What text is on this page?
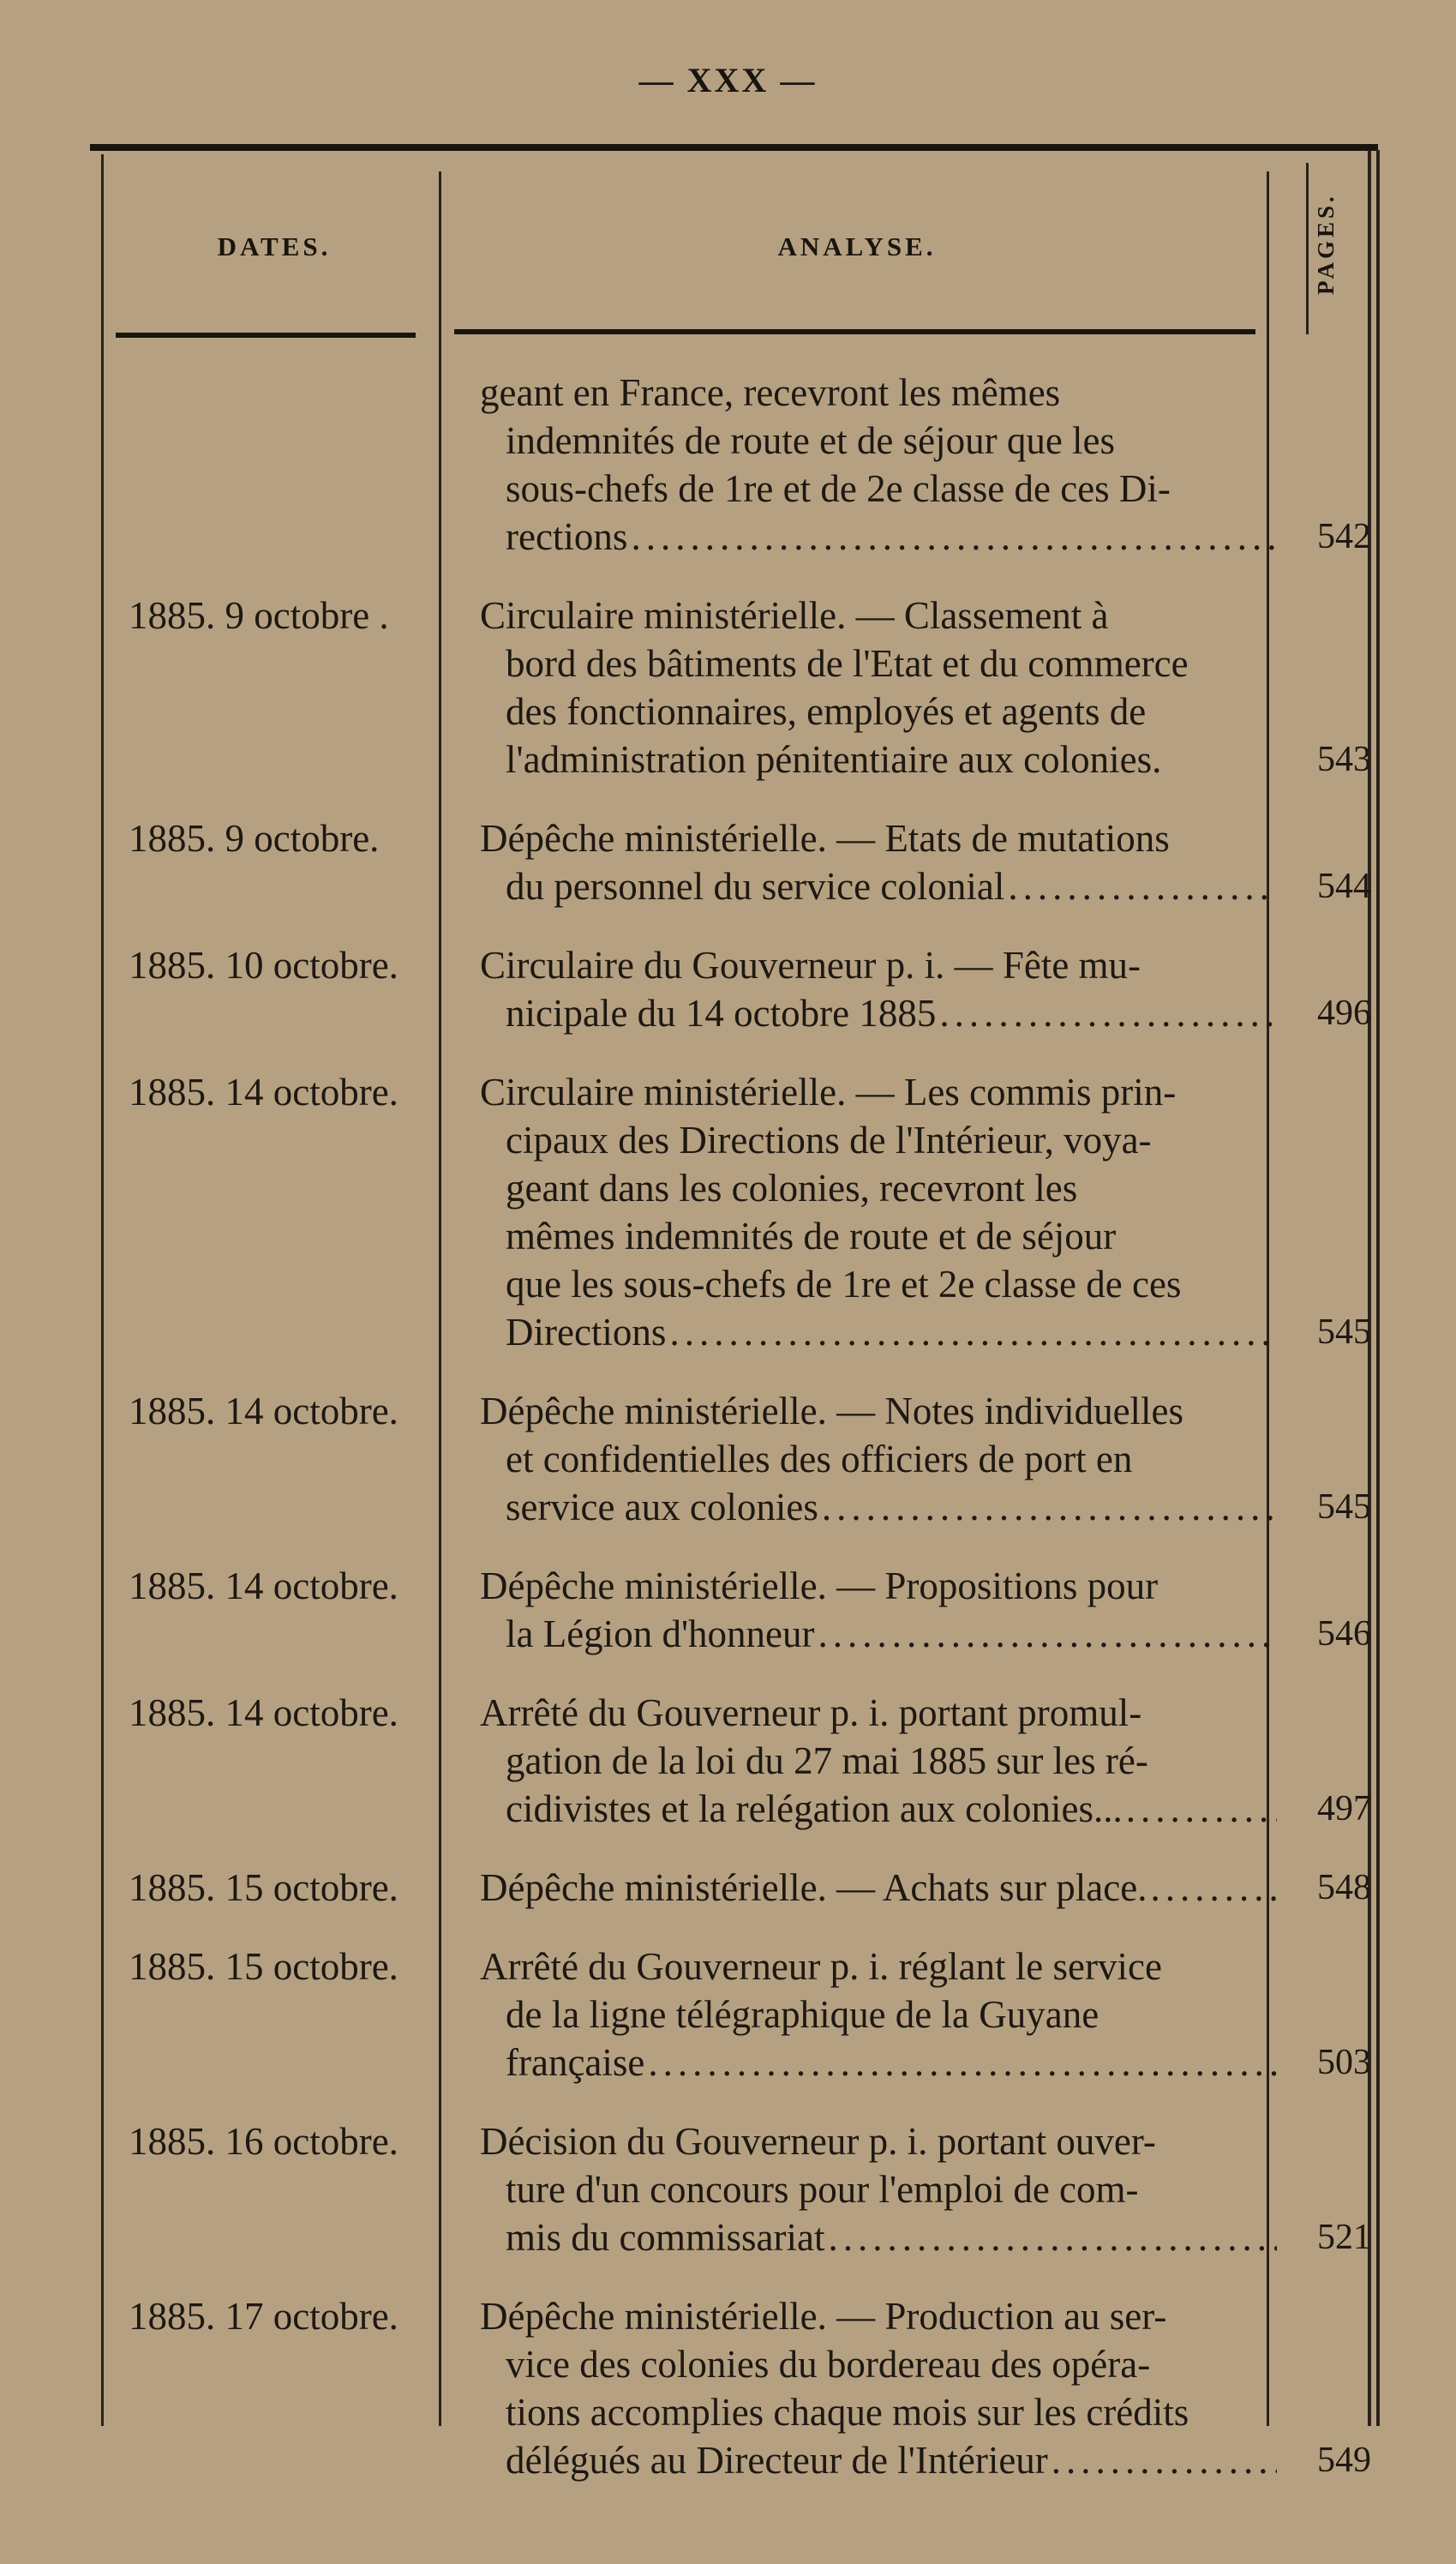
— XXX —
DATES.	ANALYSE.	PAGES.
geant en France, recevront les mêmes
indemnités de route et de séjour que les
sous-chefs de 1re et de 2e classe de ces Di-
rections .....	542
1885. 9 octobre .	Circulaire ministérielle. — Classement à
bord des bâtiments de l'Etat et du commerce
des fonctionnaires, employés et agents de
l'administration pénitentiaire aux colonies.	543
1885. 9 octobre.	Dépêche ministérielle. — Etats de mutations
du personnel du service colonial .....	544
1885. 10 octobre.	Circulaire du Gouverneur p. i. — Fête mu-
nicipale du 14 octobre 1885 .....	496
1885. 14 octobre.	Circulaire ministérielle. — Les commis prin-
cipaux des Directions de l'Intérieur, voya-
geant dans les colonies, recevront les
mêmes indemnités de route et de séjour
que les sous-chefs de 1re et 2e classe de ces
Directions .....	545
1885. 14 octobre.	Dépêche ministérielle. — Notes individuelles
et confidentielles des officiers de port en
service aux colonies .....	545
1885. 14 octobre.	Dépêche ministérielle. — Propositions pour
la Légion d'honneur .....	546
1885. 14 octobre.	Arrêté du Gouverneur p. i. portant promul-
gation de la loi du 27 mai 1885 sur les ré-
cidivistes et la relégation aux colonies... .....	497
1885. 15 octobre.	Dépêche ministérielle. — Achats sur place. .....	548
1885. 15 octobre.	Arrêté du Gouverneur p. i. réglant le service
de la ligne télégraphique de la Guyane
française .....	503
1885. 16 octobre.	Décision du Gouverneur p. i. portant ouver-
ture d'un concours pour l'emploi de com-
mis du commissariat .....	521
1885. 17 octobre.	Dépêche ministérielle. — Production au ser-
vice des colonies du bordereau des opéra-
tions accomplies chaque mois sur les crédits
délégués au Directeur de l'Intérieur .....	549
